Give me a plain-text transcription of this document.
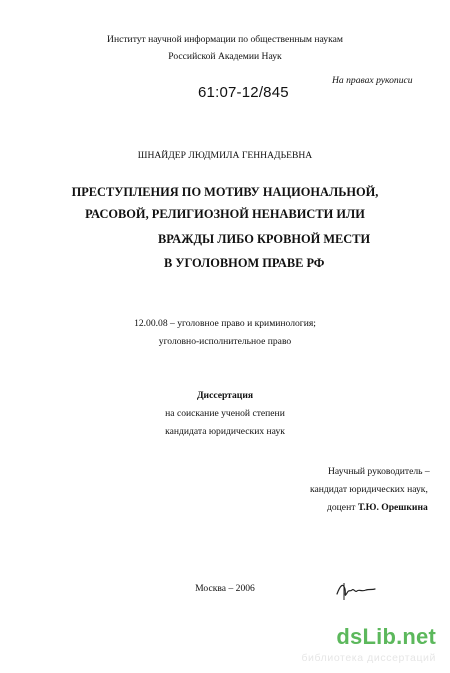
Институт научной информации по общественным наукам
Российской Академии Наук
На правах рукописи
61:07-12/845
ШНАЙДЕР ЛЮДМИЛА ГЕННАДЬЕВНА
ПРЕСТУПЛЕНИЯ ПО МОТИВУ НАЦИОНАЛЬНОЙ,
РАСОВОЙ, РЕЛИГИОЗНОЙ НЕНАВИСТИ ИЛИ
ВРАЖДЫ ЛИБО КРОВНОЙ МЕСТИ
В УГОЛОВНОМ ПРАВЕ РФ
12.00.08 – уголовное право и криминология;
уголовно-исполнительное право
Диссертация
на соискание ученой степени
кандидата юридических наук
Научный руководитель –
кандидат юридических наук,
доцент Т.Ю. Орешкина
Москва – 2006
dsLib.net
библиотека диссертаций
